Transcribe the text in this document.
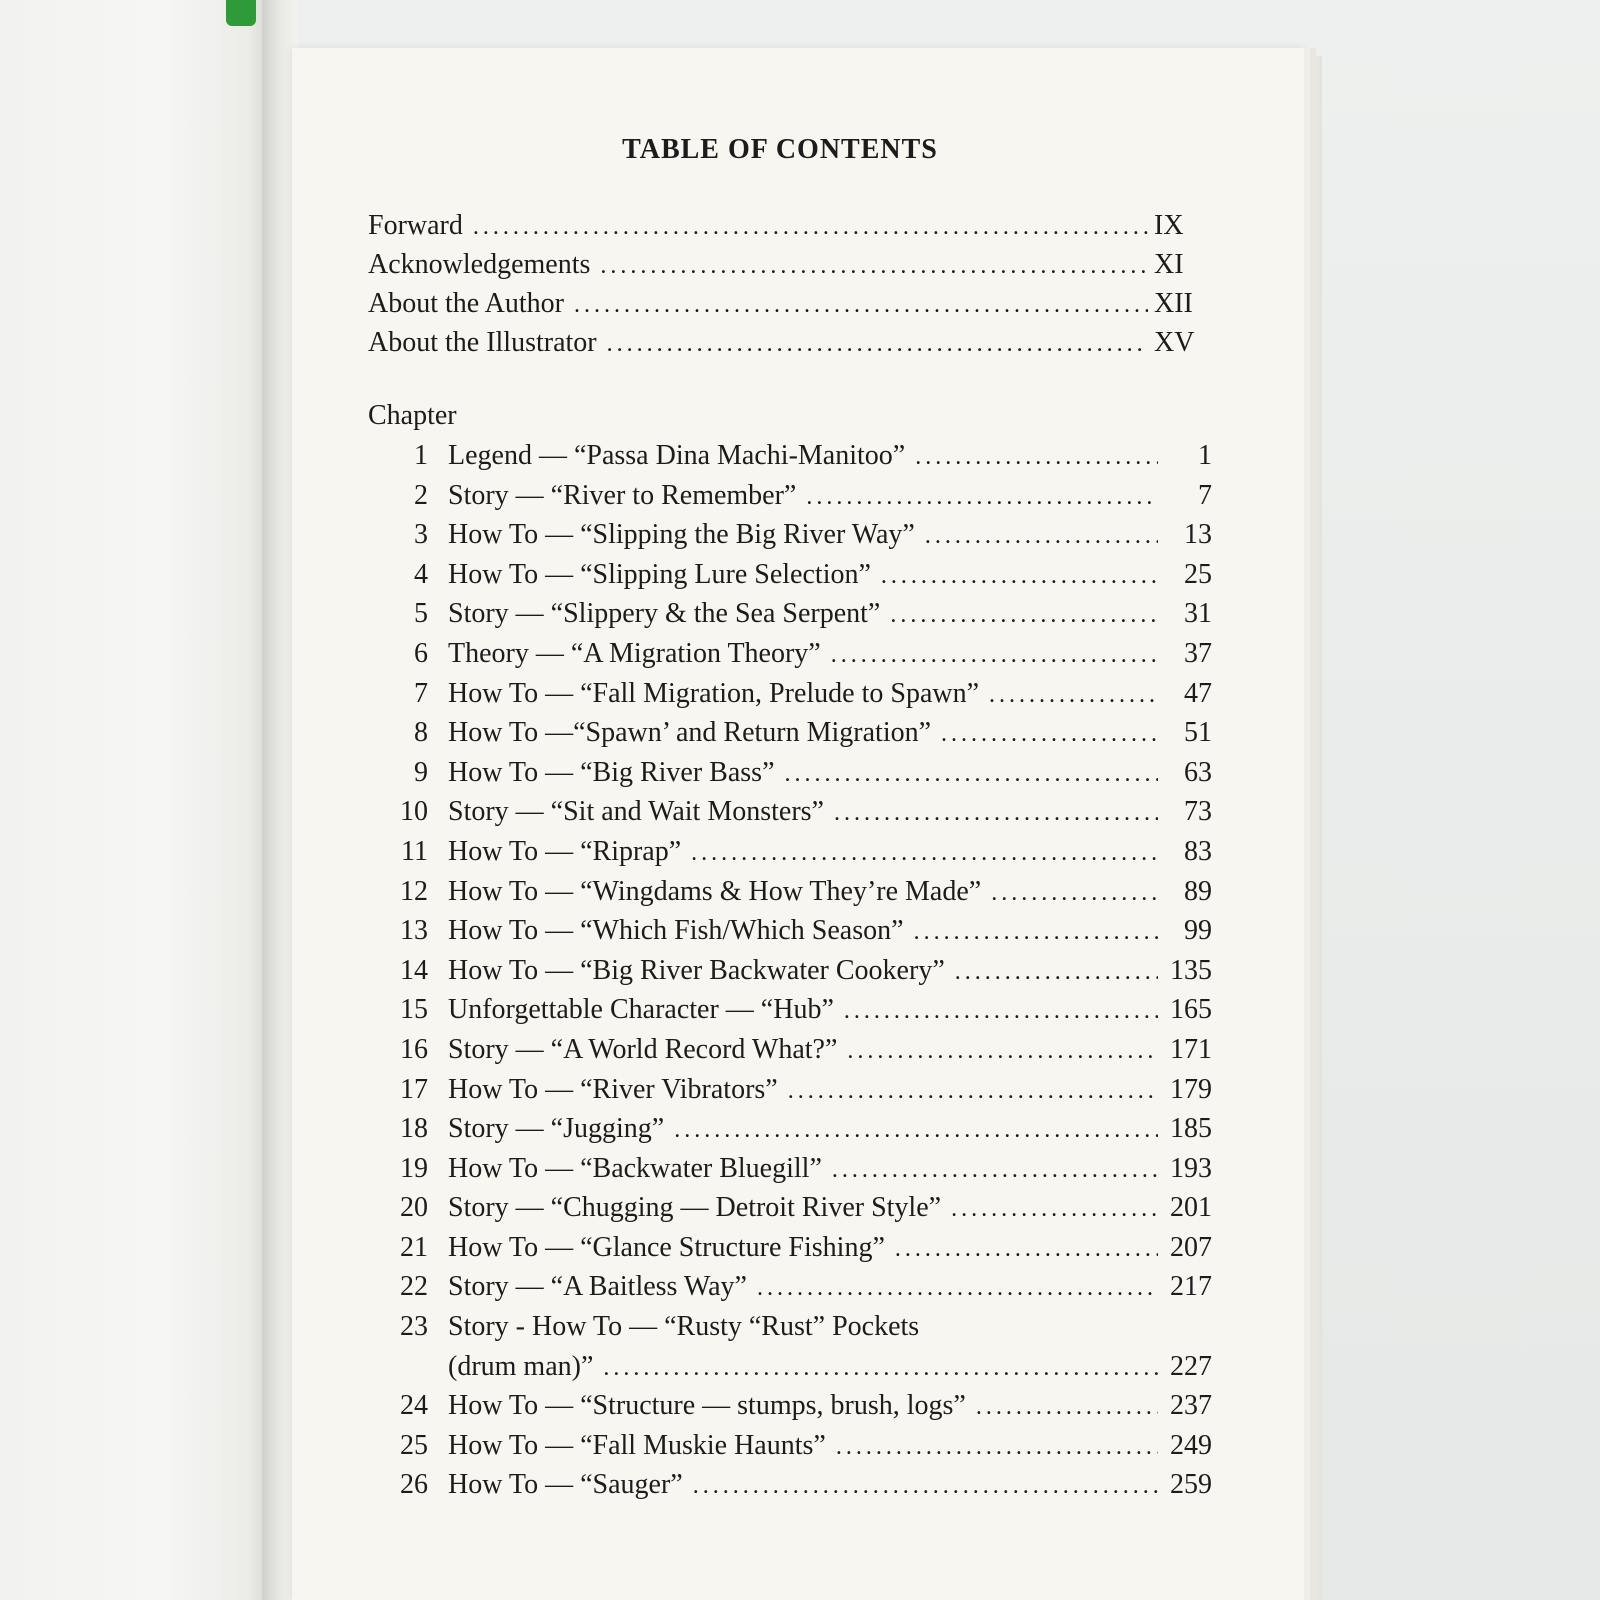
TABLE OF CONTENTS
Forward .....	IX
Acknowledgements .....	XI
About the Author .....	XII
About the Illustrator .....	XV
Chapter
1 Legend — “Passa Dina Machi-Manitoo” .....	1
2 Story — “River to Remember” .....	7
3 How To — “Slipping the Big River Way” .....	13
4 How To — “Slipping Lure Selection” .....	25
5 Story — “Slippery & the Sea Serpent” .....	31
6 Theory — “A Migration Theory” .....	37
7 How To — “Fall Migration, Prelude to Spawn” .....	47
8 How To —“Spawn’ and Return Migration” .....	51
9 How To — “Big River Bass” .....	63
10 Story — “Sit and Wait Monsters” .....	73
11 How To — “Riprap” .....	83
12 How To — “Wingdams & How They’re Made” .....	89
13 How To — “Which Fish/Which Season” .....	99
14 How To — “Big River Backwater Cookery” .....	135
15 Unforgettable Character — “Hub” .....	165
16 Story — “A World Record What?” .....	171
17 How To — “River Vibrators” .....	179
18 Story — “Jugging” .....	185
19 How To — “Backwater Bluegill” .....	193
20 Story — “Chugging — Detroit River Style” .....	201
21 How To — “Glance Structure Fishing” .....	207
22 Story — “A Baitless Way” .....	217
23 Story - How To — “Rusty “Rust” Pockets
(drum man)” .....	227
24 How To — “Structure — stumps, brush, logs” .....	237
25 How To — “Fall Muskie Haunts” .....	249
26 How To — “Sauger” .....	259
